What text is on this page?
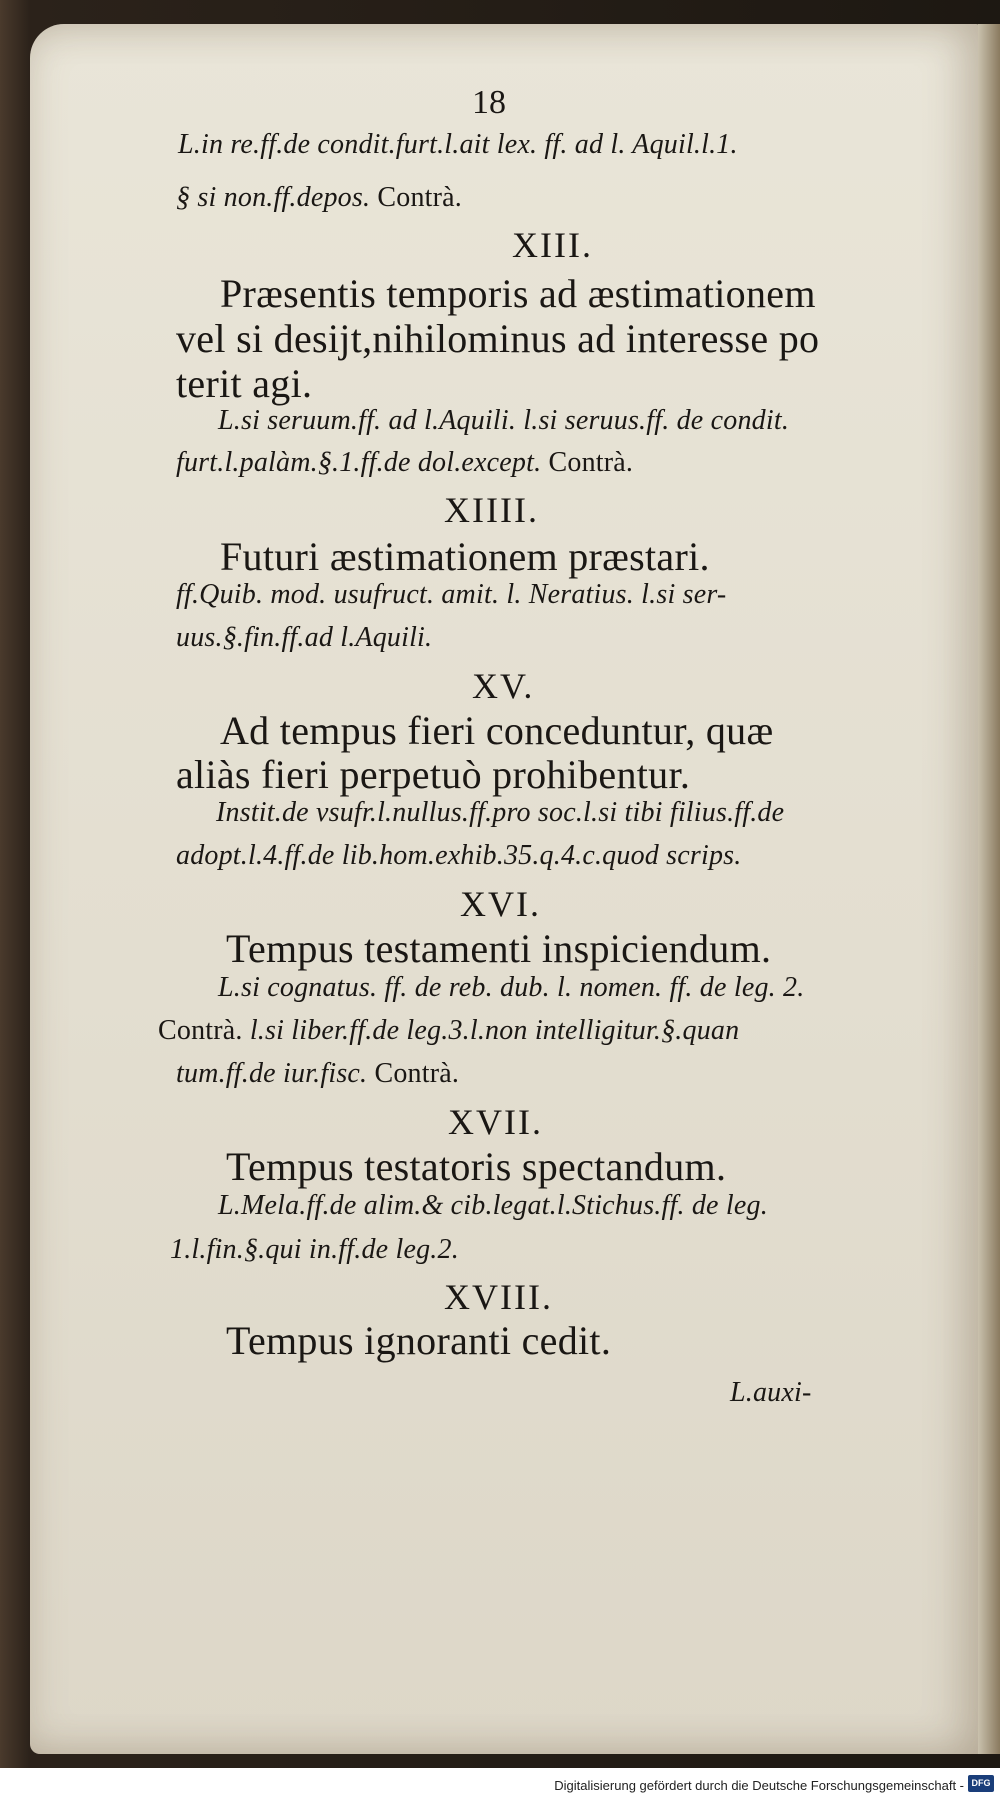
18
L.in re.ff.de condit.furt.l.ait lex. ff. ad l. Aquil.l.1.
§ si non.ff.depos. Contrà.
XIII.
Præsentis temporis ad æstimationem
vel si desijt,nihilominus ad interesse po
terit agi.
L.si seruum.ff. ad l.Aquili. l.si seruus.ff. de condit.
furt.l.palàm.§.1.ff.de dol.except. Contrà.
XIIII.
Futuri æstimationem præstari.
ff.Quib. mod. usufruct. amit. l. Neratius. l.si ser-
uus.§.fin.ff.ad l.Aquili.
XV.
Ad tempus fieri conceduntur, quæ
aliàs fieri perpetuò prohibentur.
Instit.de vsufr.l.nullus.ff.pro soc.l.si tibi filius.ff.de
adopt.l.4.ff.de lib.hom.exhib.35.q.4.c.quod scrips.
XVI.
Tempus testamenti inspiciendum.
L.si cognatus. ff. de reb. dub. l. nomen. ff. de leg. 2.
Contrà. l.si liber.ff.de leg.3.l.non intelligitur.§.quan
tum.ff.de iur.fisc. Contrà.
XVII.
Tempus testatoris spectandum.
L.Mela.ff.de alim.& cib.legat.l.Stichus.ff. de leg.
1.l.fin.§.qui in.ff.de leg.2.
XVIII.
Tempus ignoranti cedit.
L.auxi-
Digitalisierung gefördert durch die Deutsche Forschungsgemeinschaft - DFG
